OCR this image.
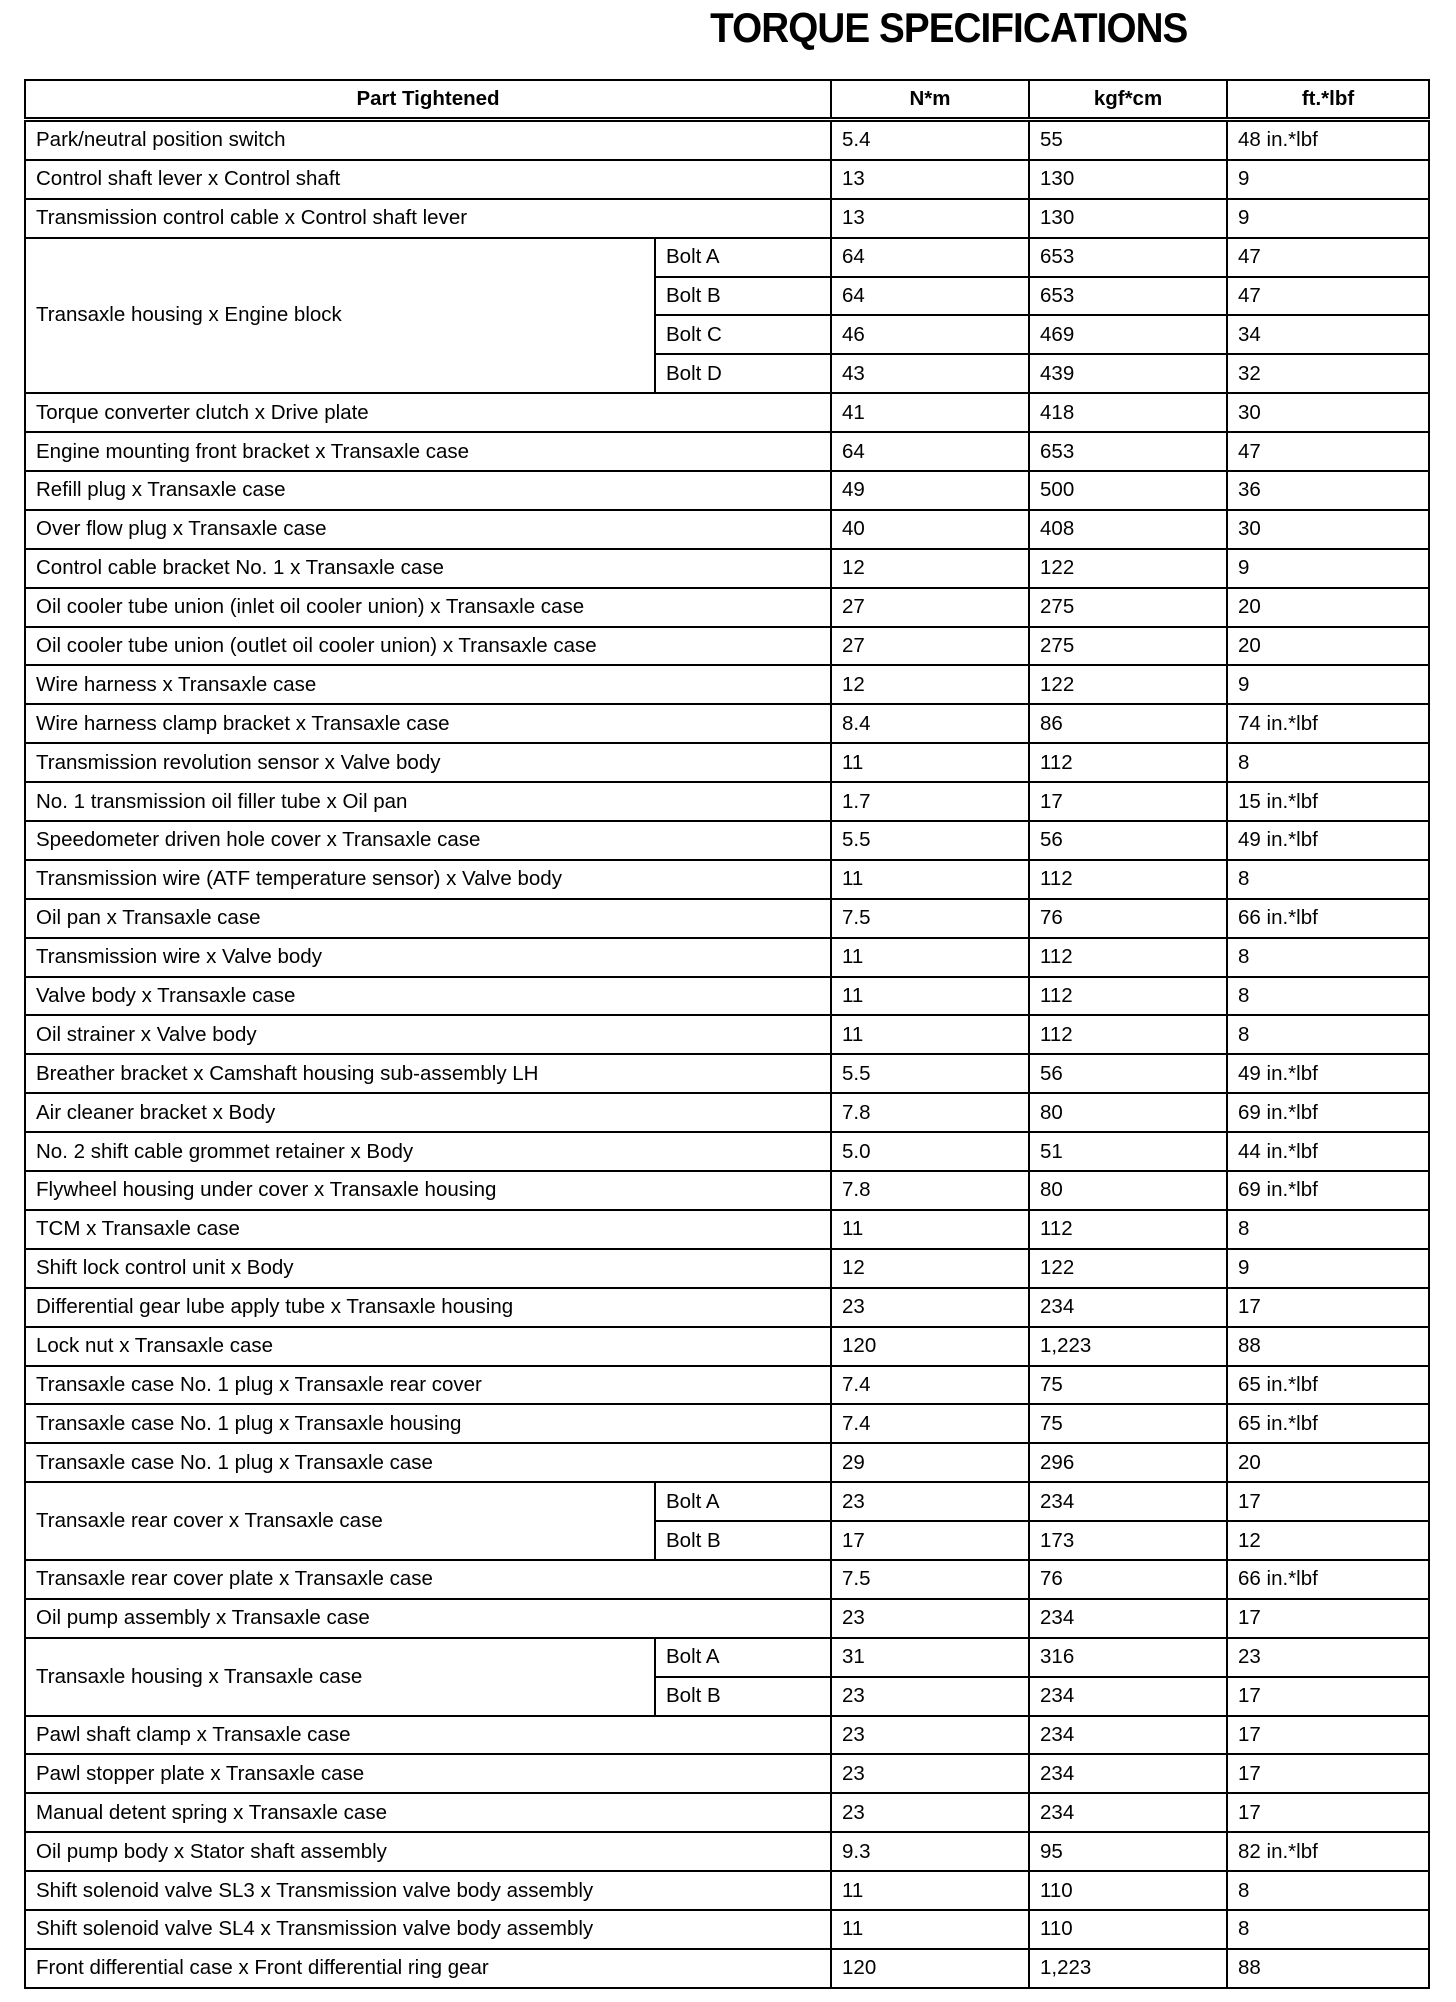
TORQUE SPECIFICATIONS
Part Tightened		N*m	kgf*cm	ft.*lbf
Park/neutral position switch		5.4	55	48 in.*lbf
Control shaft lever x Control shaft		13	130	9
Transmission control cable x Control shaft lever		13	130	9
Transaxle housing x Engine block	Bolt A	64	653	47
	Bolt B	64	653	47
	Bolt C	46	469	34
	Bolt D	43	439	32
Torque converter clutch x Drive plate		41	418	30
Engine mounting front bracket x Transaxle case		64	653	47
Refill plug x Transaxle case		49	500	36
Over flow plug x Transaxle case		40	408	30
Control cable bracket No. 1 x Transaxle case		12	122	9
Oil cooler tube union (inlet oil cooler union) x Transaxle case		27	275	20
Oil cooler tube union (outlet oil cooler union) x Transaxle case		27	275	20
Wire harness x Transaxle case		12	122	9
Wire harness clamp bracket x Transaxle case		8.4	86	74 in.*lbf
Transmission revolution sensor x Valve body		11	112	8
No. 1 transmission oil filler tube x Oil pan		1.7	17	15 in.*lbf
Speedometer driven hole cover x Transaxle case		5.5	56	49 in.*lbf
Transmission wire (ATF temperature sensor) x Valve body		11	112	8
Oil pan x Transaxle case		7.5	76	66 in.*lbf
Transmission wire x Valve body		11	112	8
Valve body x Transaxle case		11	112	8
Oil strainer x Valve body		11	112	8
Breather bracket x Camshaft housing sub-assembly LH		5.5	56	49 in.*lbf
Air cleaner bracket x Body		7.8	80	69 in.*lbf
No. 2 shift cable grommet retainer x Body		5.0	51	44 in.*lbf
Flywheel housing under cover x Transaxle housing		7.8	80	69 in.*lbf
TCM x Transaxle case		11	112	8
Shift lock control unit x Body		12	122	9
Differential gear lube apply tube x Transaxle housing		23	234	17
Lock nut x Transaxle case		120	1,223	88
Transaxle case No. 1 plug x Transaxle rear cover		7.4	75	65 in.*lbf
Transaxle case No. 1 plug x Transaxle housing		7.4	75	65 in.*lbf
Transaxle case No. 1 plug x Transaxle case		29	296	20
Transaxle rear cover x Transaxle case	Bolt A	23	234	17
	Bolt B	17	173	12
Transaxle rear cover plate x Transaxle case		7.5	76	66 in.*lbf
Oil pump assembly x Transaxle case		23	234	17
Transaxle housing x Transaxle case	Bolt A	31	316	23
	Bolt B	23	234	17
Pawl shaft clamp x Transaxle case		23	234	17
Pawl stopper plate x Transaxle case		23	234	17
Manual detent spring x Transaxle case		23	234	17
Oil pump body x Stator shaft assembly		9.3	95	82 in.*lbf
Shift solenoid valve SL3 x Transmission valve body assembly		11	110	8
Shift solenoid valve SL4 x Transmission valve body assembly		11	110	8
Front differential case x Front differential ring gear		120	1,223	88
